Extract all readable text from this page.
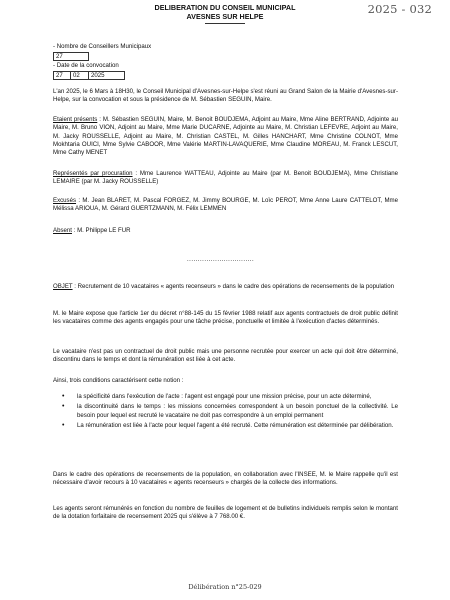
DELIBERATION DU CONSEIL MUNICIPAL
AVESNES SUR HELPE
2025 - 032

- Nombre de Conseillers Municipaux

27

- Date de la convocation

27	02	2025

L'an 2025, le 6 Mars à 18H30, le Conseil Municipal d'Avesnes-sur-Helpe s'est réuni au Grand Salon de la Mairie d'Avesnes-sur-Helpe, sur la convocation et sous la présidence de M. Sébastien SEGUIN, Maire.

Etaient présents : M. Sébastien SEGUIN, Maire, M. Benoit BOUDJEMA, Adjoint au Maire, Mme Aline BERTRAND, Adjointe au Maire, M. Bruno VION, Adjoint au Maire, Mme Marie DUCARNE, Adjointe au Maire, M. Christian LEFEVRE, Adjoint au Maire, M. Jacky ROUSSELLE, Adjoint au Maire, M. Christian CASTEL, M. Gilles HANCHART, Mme Christine COLNOT, Mme Mokhtaria OUICI, Mme Sylvie CABOOR, Mme Valérie MARTIN-LAVAQUERIE, Mme Claudine MOREAU, M. Franck LESCUT, Mme Cathy MENET

Représentés par procuration : Mme Laurence WATTEAU, Adjointe au Maire (par M. Benoit BOUDJEMA), Mme Christiane LEMAIRE (par M. Jacky ROUSSELLE)

Excusés : M. Jean BLARET, M. Pascal FORGEZ, M. Jimmy BOURGE, M. Loïc PEROT, Mme Anne Laure CATTELOT, Mme Mélissa ARIOUA, M. Gérard GUERTZMANN, M. Félix LEMMEN

Absent : M. Philippe LE FUR

...............................

OBJET : Recrutement de 10 vacataires « agents recenseurs » dans le cadre des opérations de recensements de la population

M. le Maire expose que l'article 1er du décret n°88-145 du 15 février 1988 relatif aux agents contractuels de droit public définit les vacataires comme des agents engagés pour une tâche précise, ponctuelle et limitée à l'exécution d'actes déterminés.

Le vacataire n'est pas un contractuel de droit public mais une personne recrutée pour exercer un acte qui doit être déterminé, discontinu dans le temps et dont la rémunération est liée à cet acte.

Ainsi, trois conditions caractérisent cette notion :

• la spécificité dans l'exécution de l'acte : l'agent est engagé pour une mission précise, pour un acte déterminé,
• la discontinuité dans le temps : les missions concernées correspondent à un besoin ponctuel de la collectivité. Le besoin pour lequel est recruté le vacataire ne doit pas correspondre à un emploi permanent
• La rémunération est liée à l'acte pour lequel l'agent a été recruté. Cette rémunération est déterminée par délibération.

Dans le cadre des opérations de recensements de la population, en collaboration avec l'INSEE, M. le Maire rappelle qu'il est nécessaire d'avoir recours à 10 vacataires « agents recenseurs » chargés de la collecte des informations.

Les agents seront rémunérés en fonction du nombre de feuilles de logement et de bulletins individuels remplis selon le montant de la dotation forfaitaire de recensement 2025 qui s'élève à 7 768.00 €.

Délibération n°25-029
